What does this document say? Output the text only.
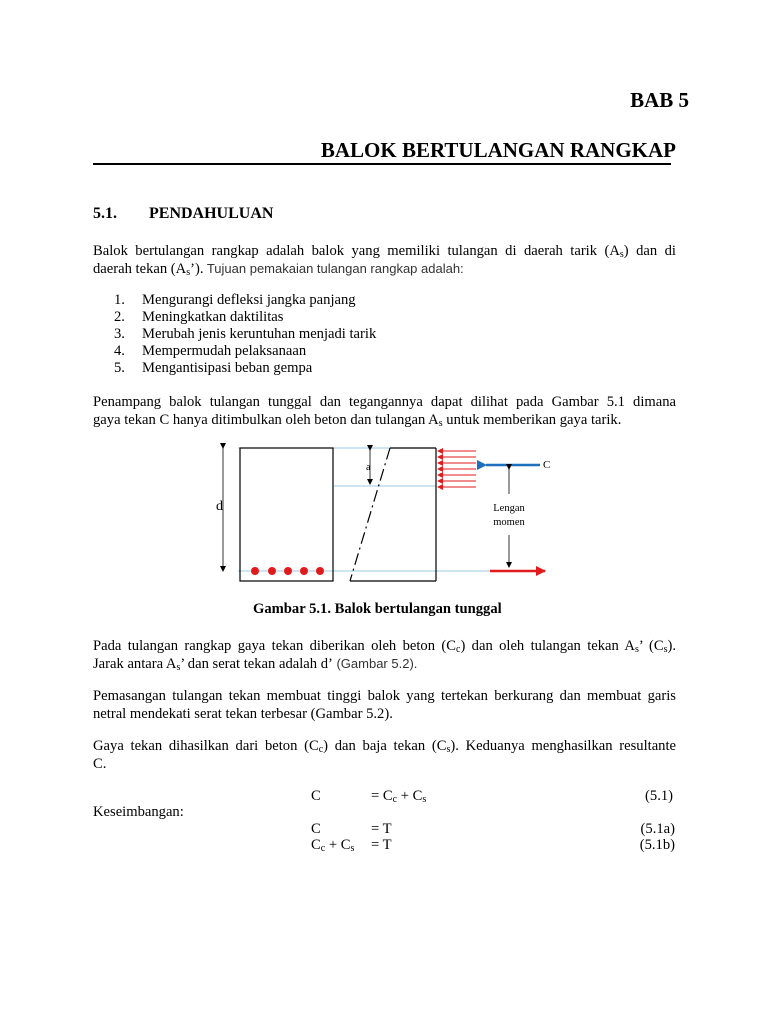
BAB 5
BALOK BERTULANGAN RANGKAP
5.1. PENDAHULUAN
Balok bertulangan rangkap adalah balok yang memiliki tulangan di daerah tarik $(A_s)$ dan di
daerah tekan $(A_s’)$. Tujuan pemakaian tulangan rangkap adalah:
1. Mengurangi defleksi jangka panjang
2. Meningkatkan daktilitas
3. Merubah jenis keruntuhan menjadi tarik
4. Mempermudah pelaksanaan
5. Mengantisipasi beban gempa
Penampang balok tulangan tunggal dan tegangannya dapat dilihat pada Gambar 5.1 dimana
gaya tekan C hanya ditimbulkan oleh beton dan tulangan $A_s$ untuk memberikan gaya tarik.
d
a	C
Lengan
momen
Gambar 5.1. Balok bertulangan tunggal
Pada tulangan rangkap gaya tekan diberikan oleh beton $(C_c)$ dan oleh tulangan tekan $A_s$’ $(C_s)$.
Jarak antara $A_s$’ dan serat tekan adalah d’ (Gambar 5.2).
Pemasangan tulangan tekan membuat tinggi balok yang tertekan berkurang dan membuat garis
netral mendekati serat tekan terbesar (Gambar 5.2).
Gaya tekan dihasilkan dari beton $(C_c)$ dan baja tekan $(C_s)$. Keduanya menghasilkan resultante
C.
C	= $C_c + C_s$	(5.1)
Keseimbangan:
C	= T	(5.1a)
$C_c + C_s = T$	(5.1b)
